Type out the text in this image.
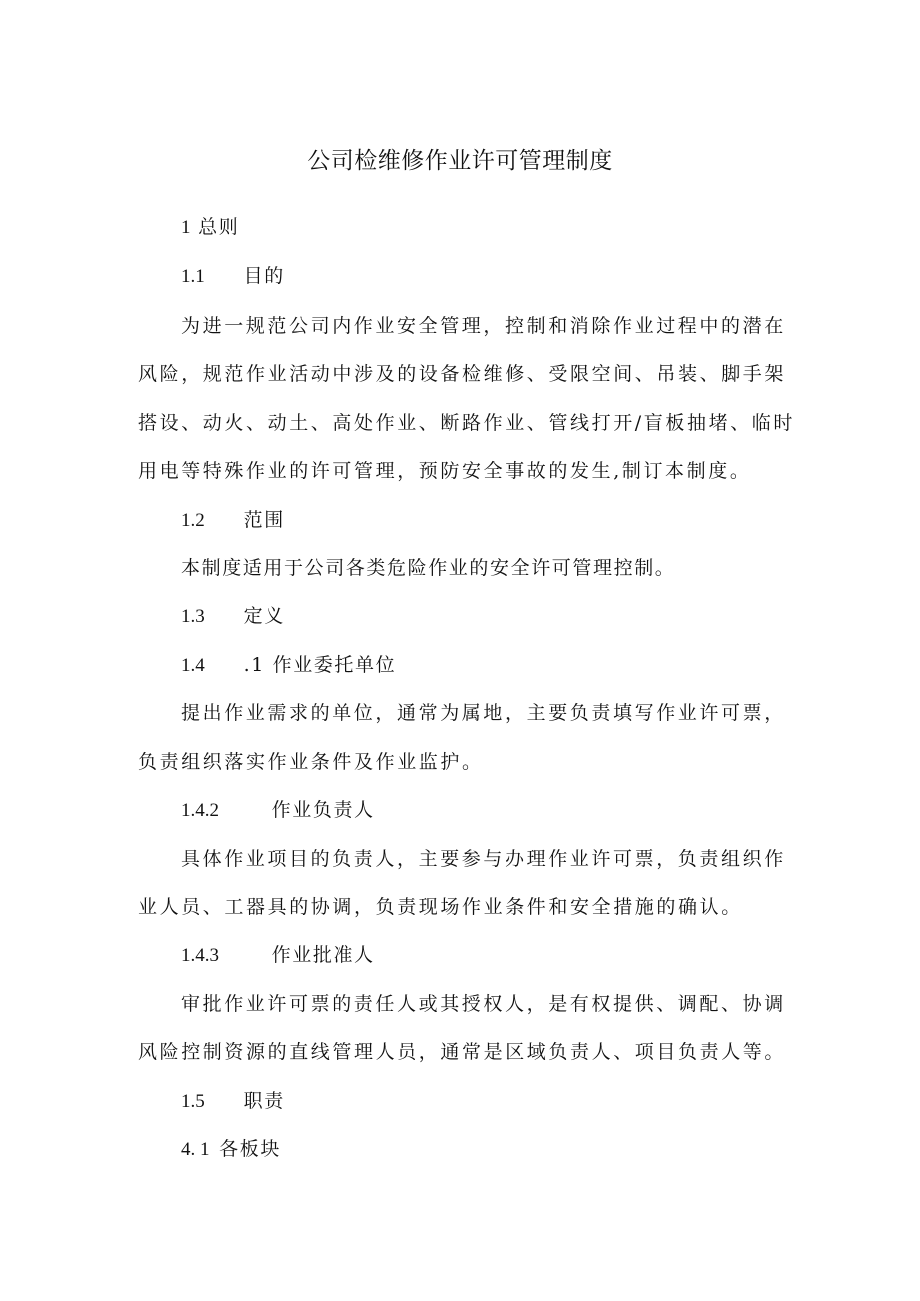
公司检维修作业许可管理制度
1 总则
1.1 目的
为进一规范公司内作业安全管理，控制和消除作业过程中的潜在
风险，规范作业活动中涉及的设备检维修、受限空间、吊装、脚手架
搭设、动火、动土、高处作业、断路作业、管线打开/盲板抽堵、临时
用电等特殊作业的许可管理，预防安全事故的发生,制订本制度。
1.2 范围
本制度适用于公司各类危险作业的安全许可管理控制。
1.3 定义
1.4 .1 作业委托单位
提出作业需求的单位，通常为属地，主要负责填写作业许可票，
负责组织落实作业条件及作业监护。
1.4.2	作业负责人
具体作业项目的负责人，主要参与办理作业许可票，负责组织作
业人员、工器具的协调，负责现场作业条件和安全措施的确认。
1.4.3	作业批准人
审批作业许可票的责任人或其授权人，是有权提供、调配、协调
风险控制资源的直线管理人员，通常是区域负责人、项目负责人等。
1.5 职责
4. 1 各板块
